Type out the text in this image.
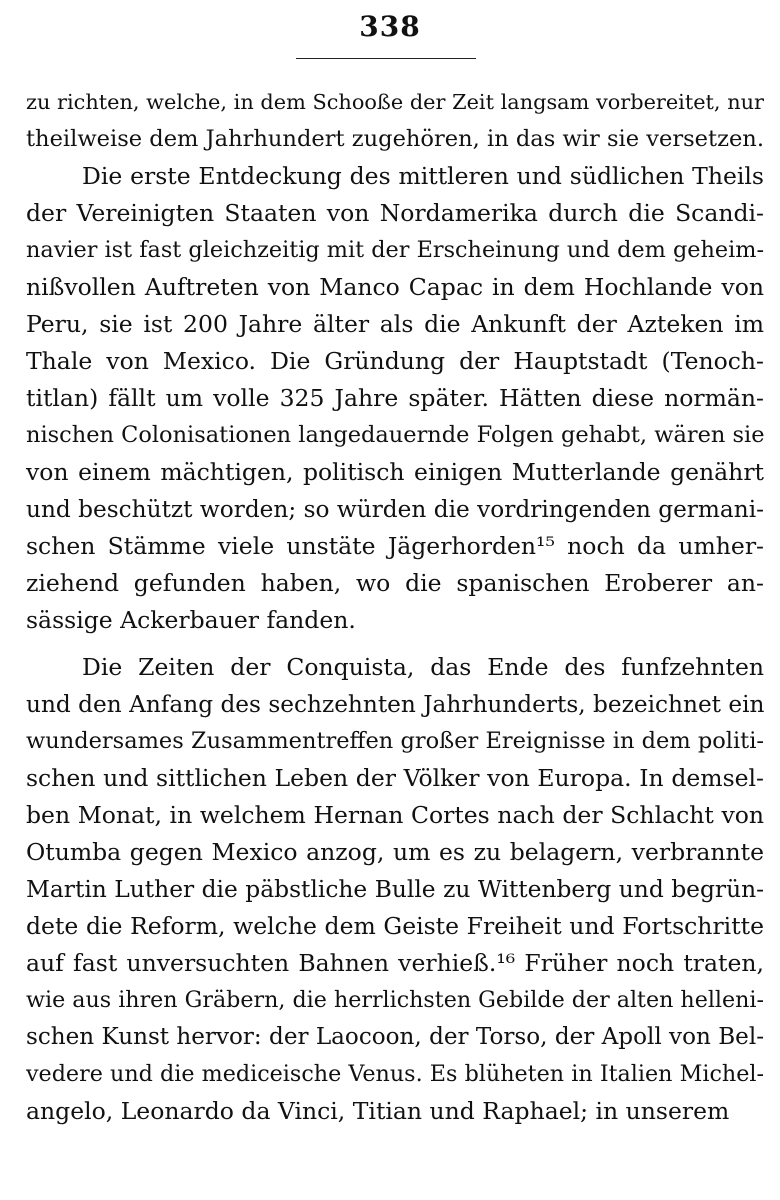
338
zu richten, welche, in dem Schooße der Zeit langsam vorbereitet, nur
theilweise dem Jahrhundert zugehören, in das wir sie versetzen.
Die erste Entdeckung des mittleren und südlichen Theils
der Vereinigten Staaten von Nordamerika durch die Scandi-
navier ist fast gleichzeitig mit der Erscheinung und dem geheim-
nißvollen Auftreten von Manco Capac in dem Hochlande von
Peru, sie ist 200 Jahre älter als die Ankunft der Azteken im
Thale von Mexico. Die Gründung der Hauptstadt (Tenoch-
titlan) fällt um volle 325 Jahre später. Hätten diese normän-
nischen Colonisationen langedauernde Folgen gehabt, wären sie
von einem mächtigen, politisch einigen Mutterlande genährt
und beschützt worden; so würden die vordringenden germani-
schen Stämme viele unstäte Jägerhorden¹⁵ noch da umher-
ziehend gefunden haben, wo die spanischen Eroberer an-
sässige Ackerbauer fanden.
Die Zeiten der Conquista, das Ende des funfzehnten
und den Anfang des sechzehnten Jahrhunderts, bezeichnet ein
wundersames Zusammentreffen großer Ereignisse in dem politi-
schen und sittlichen Leben der Völker von Europa. In demsel-
ben Monat, in welchem Hernan Cortes nach der Schlacht von
Otumba gegen Mexico anzog, um es zu belagern, verbrannte
Martin Luther die päbstliche Bulle zu Wittenberg und begrün-
dete die Reform, welche dem Geiste Freiheit und Fortschritte
auf fast unversuchten Bahnen verhieß.¹⁶ Früher noch traten,
wie aus ihren Gräbern, die herrlichsten Gebilde der alten helleni-
schen Kunst hervor: der Laocoon, der Torso, der Apoll von Bel-
vedere und die mediceische Venus. Es blüheten in Italien Michel-
angelo, Leonardo da Vinci, Titian und Raphael; in unserem
